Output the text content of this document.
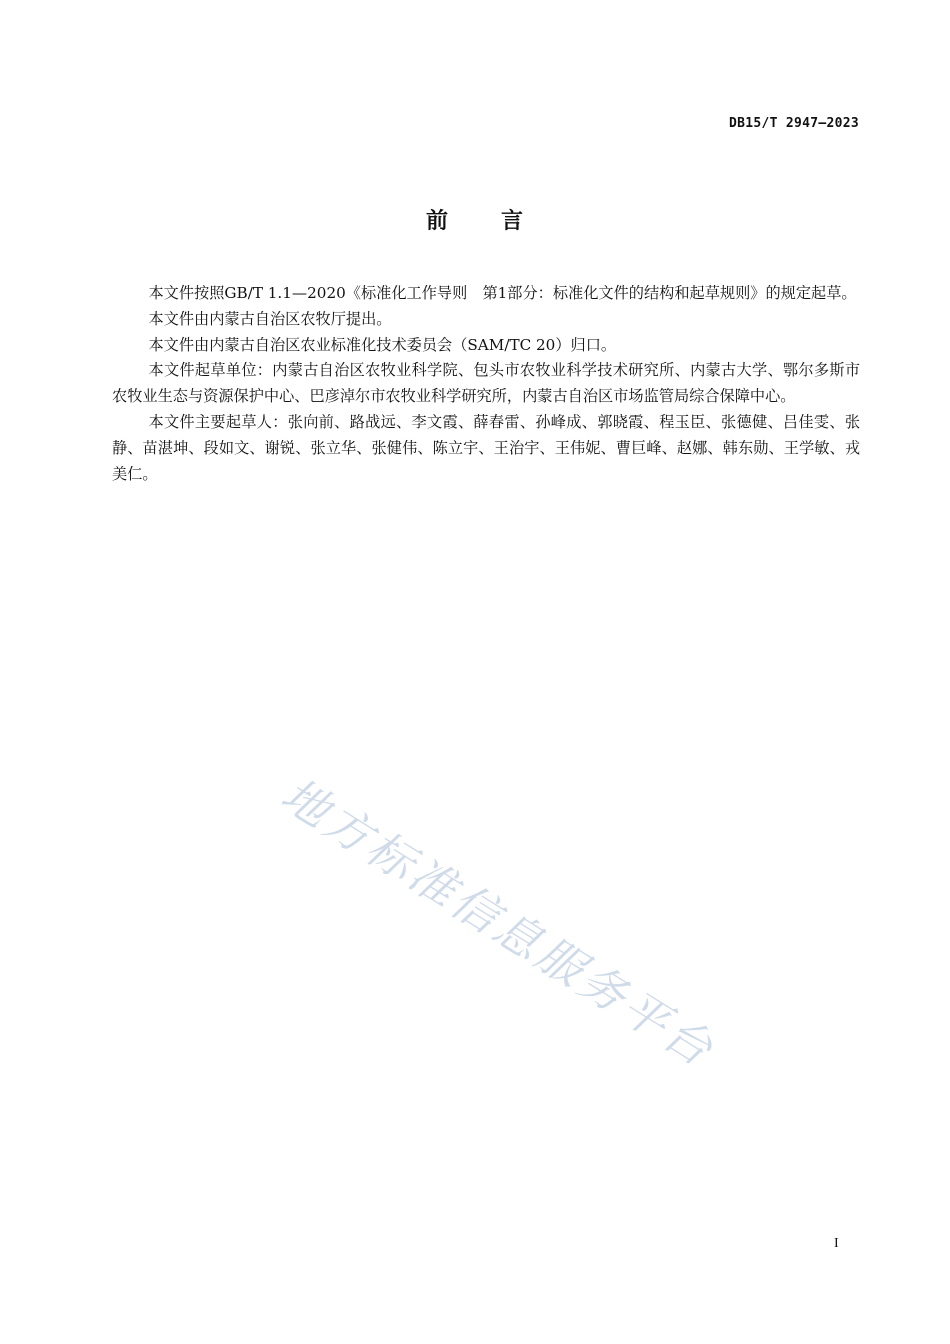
DB15/T 2947—2023
前 言

本文件按照GB/T 1.1—2020《标准化工作导则　第1部分：标准化文件的结构和起草规则》的规定起草。

本文件由内蒙古自治区农牧厅提出。

本文件由内蒙古自治区农业标准化技术委员会（SAM/TC 20）归口。

本文件起草单位：内蒙古自治区农牧业科学院、包头市农牧业科学技术研究所、内蒙古大学、鄂尔多斯市农牧业生态与资源保护中心、巴彦淖尔市农牧业科学研究所，内蒙古自治区市场监管局综合保障中心。

本文件主要起草人：张向前、路战远、李文霞、薛春雷、孙峰成、郭晓霞、程玉臣、张德健、吕佳雯、张静、苗湛坤、段如文、谢锐、张立华、张健伟、陈立宇、王治宇、王伟妮、曹巨峰、赵娜、韩东勋、王学敏、戎美仁。

地方标准信息服务平台
I
